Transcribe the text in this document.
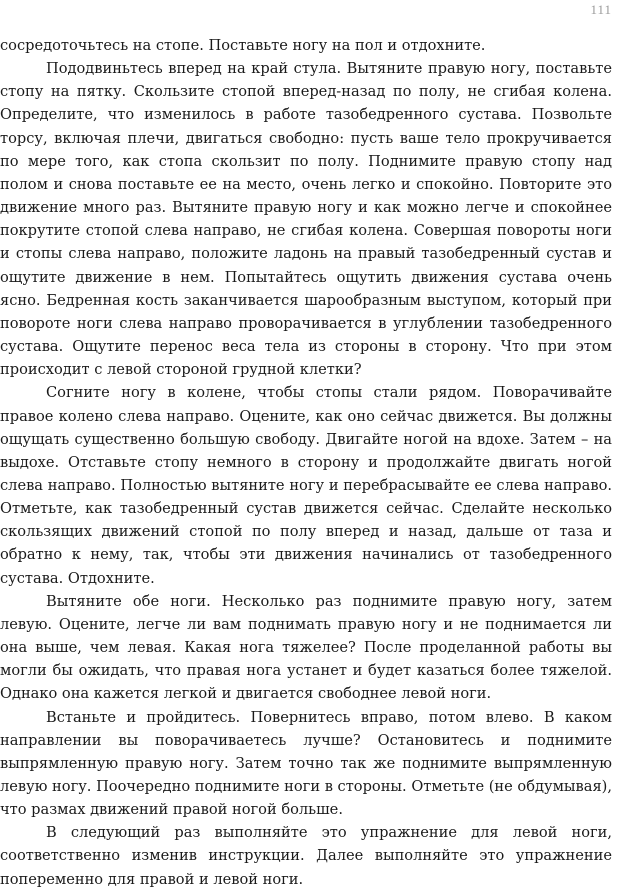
111

сосредоточьтесь на стопе. Поставьте ногу на пол и отдохните.

Пододвиньтесь вперед на край стула. Вытяните правую ногу, поставьте стопу на пятку. Скользите стопой вперед-назад по полу, не сгибая колена. Определите, что изменилось в работе тазобедренного сустава. Позвольте торсу, включая плечи, двигаться свободно: пусть ваше тело прокручивается по мере того, как стопа скользит по полу. Поднимите правую стопу над полом и снова поставьте ее на место, очень легко и спокойно. Повторите это движение много раз. Вытяните правую ногу и как можно легче и спокойнее покрутите стопой слева направо, не сгибая колена. Совершая повороты ноги и стопы слева направо, положите ладонь на правый тазобедренный сустав и ощутите движение в нем. Попытайтесь ощутить движения сустава очень ясно. Бедренная кость заканчивается шарообразным выступом, который при повороте ноги слева направо проворачивается в углублении тазобедренного сустава. Ощутите перенос веса тела из стороны в сторону. Что при этом происходит с левой стороной грудной клетки?

Согните ногу в колене, чтобы стопы стали рядом. Поворачивайте правое колено слева направо. Оцените, как оно сейчас движется. Вы должны ощущать существенно большую свободу. Двигайте ногой на вдохе. Затем – на выдохе. Отставьте стопу немного в сторону и продолжайте двигать ногой слева направо. Полностью вытяните ногу и перебрасывайте ее слева направо. Отметьте, как тазобедренный сустав движется сейчас. Сделайте несколько скользящих движений стопой по полу вперед и назад, дальше от таза и обратно к нему, так, чтобы эти движения начинались от тазобедренного сустава. Отдохните.

Вытяните обе ноги. Несколько раз поднимите правую ногу, затем левую. Оцените, легче ли вам поднимать правую ногу и не поднимается ли она выше, чем левая. Какая нога тяжелее? После проделанной работы вы могли бы ожидать, что правая нога устанет и будет казаться более тяжелой. Однако она кажется легкой и двигается свободнее левой ноги.

Встаньте и пройдитесь. Повернитесь вправо, потом влево. В каком направлении вы поворачиваетесь лучше? Остановитесь и поднимите выпрямленную правую ногу. Затем точно так же поднимите выпрямленную левую ногу. Поочередно поднимите ноги в стороны. Отметьте (не обдумывая), что размах движений правой ногой больше.

В следующий раз выполняйте это упражнение для левой ноги, соответственно изменив инструкции. Далее выполняйте это упражнение попеременно для правой и левой ноги.
